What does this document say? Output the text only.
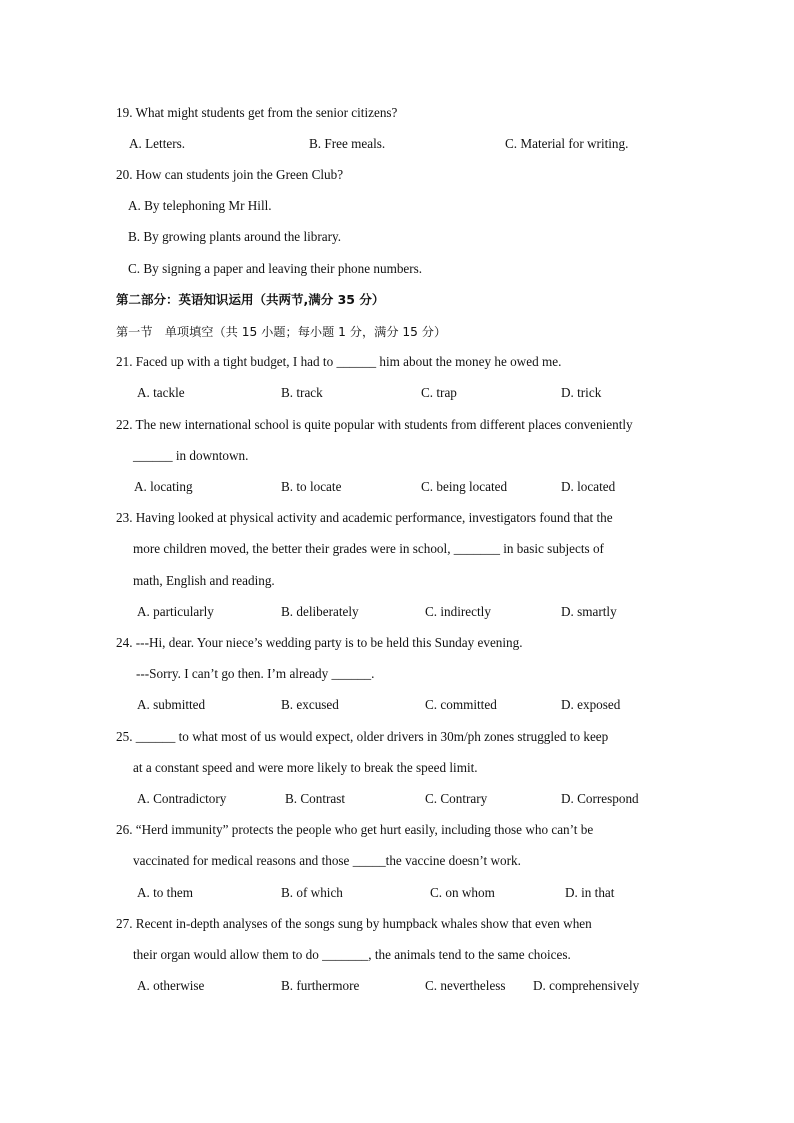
19. What might students get from the senior citizens?
A. Letters.	B. Free meals.	C. Material for writing.
20. How can students join the Green Club?
A. By telephoning Mr Hill.
B. By growing plants around the library.
C. By signing a paper and leaving their phone numbers.
第二部分：英语知识运用（共两节,满分 35 分）
第一节　单项填空（共 15 小题；每小题 1 分，满分 15 分）
21. Faced up with a tight budget, I had to ______ him about the money he owed me.
A. tackle	B. track	C. trap	D. trick
22. The new international school is quite popular with students from different places conveniently
______ in downtown.
A. locating	B. to locate	C. being located	D. located
23. Having looked at physical activity and academic performance, investigators found that the
more children moved, the better their grades were in school, _______ in basic subjects of
math, English and reading.
A. particularly	B. deliberately	C. indirectly	D. smartly
24. ---Hi, dear. Your niece’s wedding party is to be held this Sunday evening.
---Sorry. I can’t go then. I’m already ______.
A. submitted	B. excused	C. committed	D. exposed
25. ______ to what most of us would expect, older drivers in 30m/ph zones struggled to keep
at a constant speed and were more likely to break the speed limit.
A. Contradictory	B. Contrast	C. Contrary	D. Correspond
26. “Herd immunity” protects the people who get hurt easily, including those who can’t be
vaccinated for medical reasons and those _____the vaccine doesn’t work.
A. to them	B. of which	C. on whom	D. in that
27. Recent in-depth analyses of the songs sung by humpback whales show that even when
their organ would allow them to do _______, the animals tend to the same choices.
A. otherwise	B. furthermore	C. nevertheless D. comprehensively
